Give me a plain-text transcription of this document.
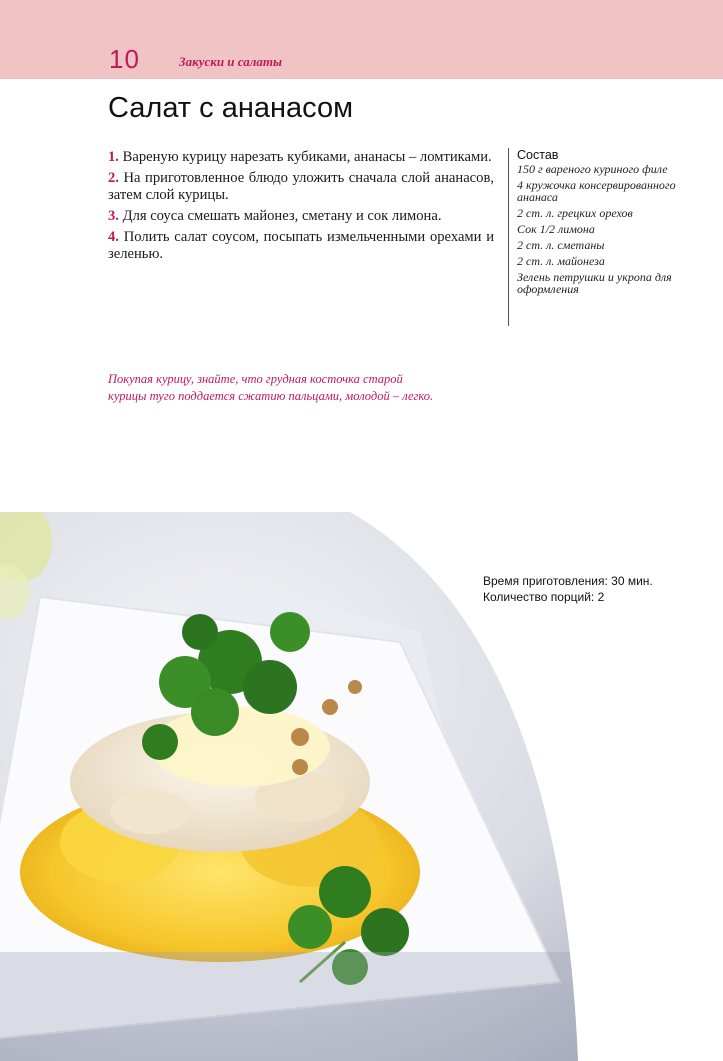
10	Закуски и салаты
Салат с ананасом

1. Вареную курицу нарезать кубиками, ананасы – ломтиками.

2. На приготовленное блюдо уложить сначала слой ананасов, затем слой курицы.

3. Для соуса смешать майонез, сметану и сок лимона.

4. Полить салат соусом, посыпать измельченными орехами и зеленью.

Состав
150 г вареного куриного филе
4 кружочка консервированного ананаса
2 ст. л. грецких орехов
Сок 1/2 лимона
2 ст. л. сметаны
2 ст. л. майонеза
Зелень петрушки и укропа для оформления
Покупая курицу, знайте, что грудная косточка старой курицы туго поддается сжатию пальцами, молодой – легко.
Время приготовления: 30 мин.
Количество порций: 2
